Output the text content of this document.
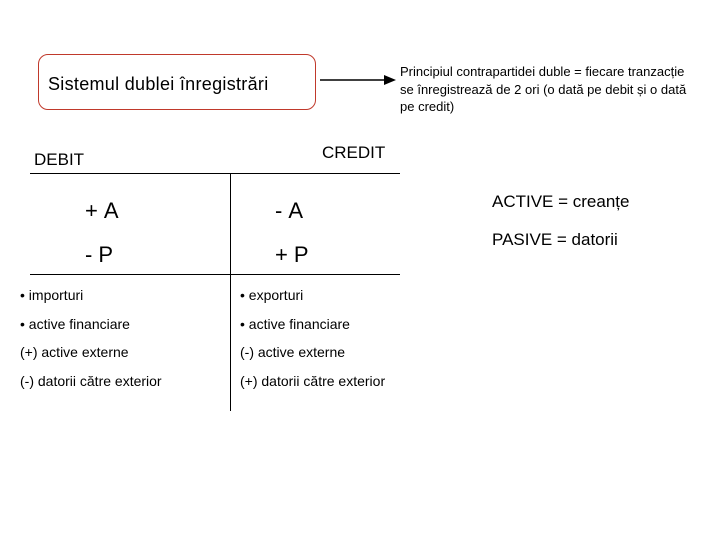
Sistemul dublei înregistrări
Principiul contrapartidei duble = fiecare tranzacție se înregistrează de 2 ori (o dată pe debit și o dată pe credit)
DEBIT	CREDIT
+A
-P
-A
+P
ACTIVE = creanțe
PASIVE = datorii
• importuri
• active financiare
(+) active externe
(-) datorii către exterior
• exporturi
• active financiare
(-) active externe
(+) datorii către exterior
